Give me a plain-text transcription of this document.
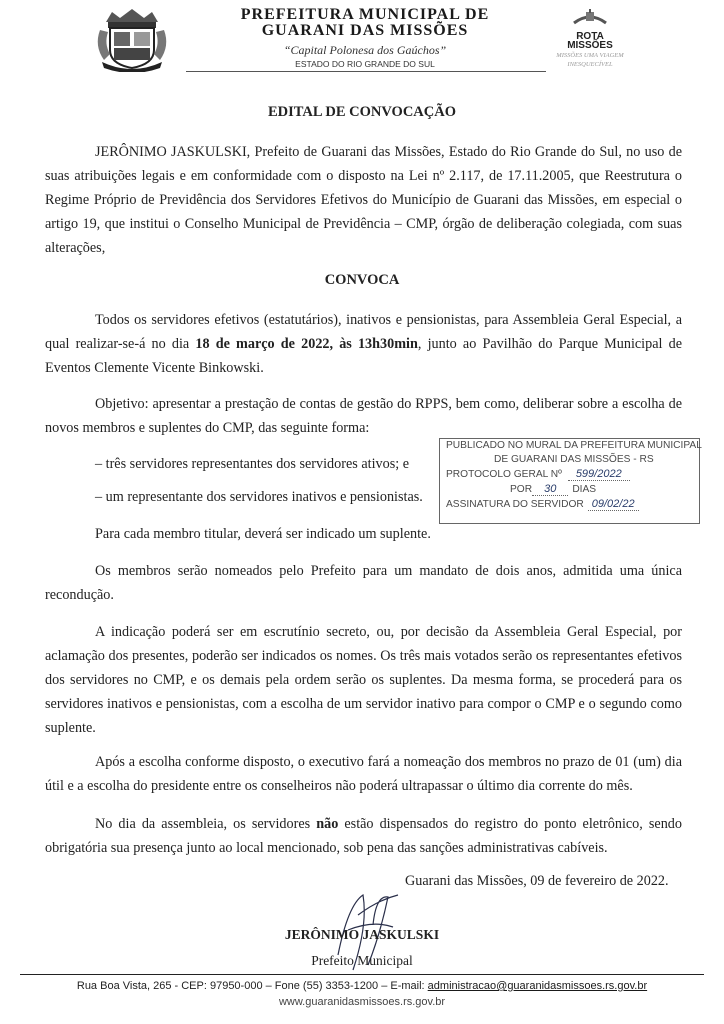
PREFEITURA MUNICIPAL DE
GUARANI DAS MISSÕES
“Capital Polonesa dos Gaúchos”
ESTADO DO RIO GRANDE DO SUL
ROTA
MISSÕES
MISSÕES UMA VIAGEM
INESQUECÍVEL
EDITAL DE CONVOCAÇÃO

JERÔNIMO JASKULSKI, Prefeito de Guarani das Missões, Estado do Rio Grande do Sul, no uso de suas atribuições legais e em conformidade com o disposto na Lei nº 2.117, de 17.11.2005, que Reestrutura o Regime Próprio de Previdência dos Servidores Efetivos do Município de Guarani das Missões, em especial o artigo 19, que institui o Conselho Municipal de Previdência – CMP, órgão de deliberação colegiada, com suas alterações,

CONVOCA

Todos os servidores efetivos (estatutários), inativos e pensionistas, para Assembleia Geral Especial, a qual realizar-se-á no dia 18 de março de 2022, às 13h30min, junto ao Pavilhão do Parque Municipal de Eventos Clemente Vicente Binkowski.

Objetivo: apresentar a prestação de contas de gestão do RPPS, bem como, deliberar sobre a escolha de novos membros e suplentes do CMP, das seguinte forma:

– três servidores representantes dos servidores ativos; e

– um representante dos servidores inativos e pensionistas.

PUBLICADO NO MURAL DA PREFEITURA MUNICIPAL
DE GUARANI DAS MISSÕES - RS
PROTOCOLO GERAL Nº 599/2022
POR 30 DIAS
ASSINATURA DO SERVIDOR 09/02/22

Para cada membro titular, deverá ser indicado um suplente.

Os membros serão nomeados pelo Prefeito para um mandato de dois anos, admitida uma única recondução.

A indicação poderá ser em escrutínio secreto, ou, por decisão da Assembleia Geral Especial, por aclamação dos presentes, poderão ser indicados os nomes. Os três mais votados serão os representantes efetivos dos servidores no CMP, e os demais pela ordem serão os suplentes. Da mesma forma, se procederá para os servidores inativos e pensionistas, com a escolha de um servidor inativo para compor o CMP e o segundo como suplente.

Após a escolha conforme disposto, o executivo fará a nomeação dos membros no prazo de 01 (um) dia útil e a escolha do presidente entre os conselheiros não poderá ultrapassar o último dia corrente do mês.

No dia da assembleia, os servidores não estão dispensados do registro do ponto eletrônico, sendo obrigatória sua presença junto ao local mencionado, sob pena das sanções administrativas cabíveis.

Guarani das Missões, 09 de fevereiro de 2022.
JERÔNIMO JASKULSKI
Prefeito Municipal
Rua Boa Vista, 265 - CEP: 97950-000 – Fone (55) 3353-1200 – E-mail: administracao@guaranidasmissoes.rs.gov.br
www.guaranidasmissoes.rs.gov.br
